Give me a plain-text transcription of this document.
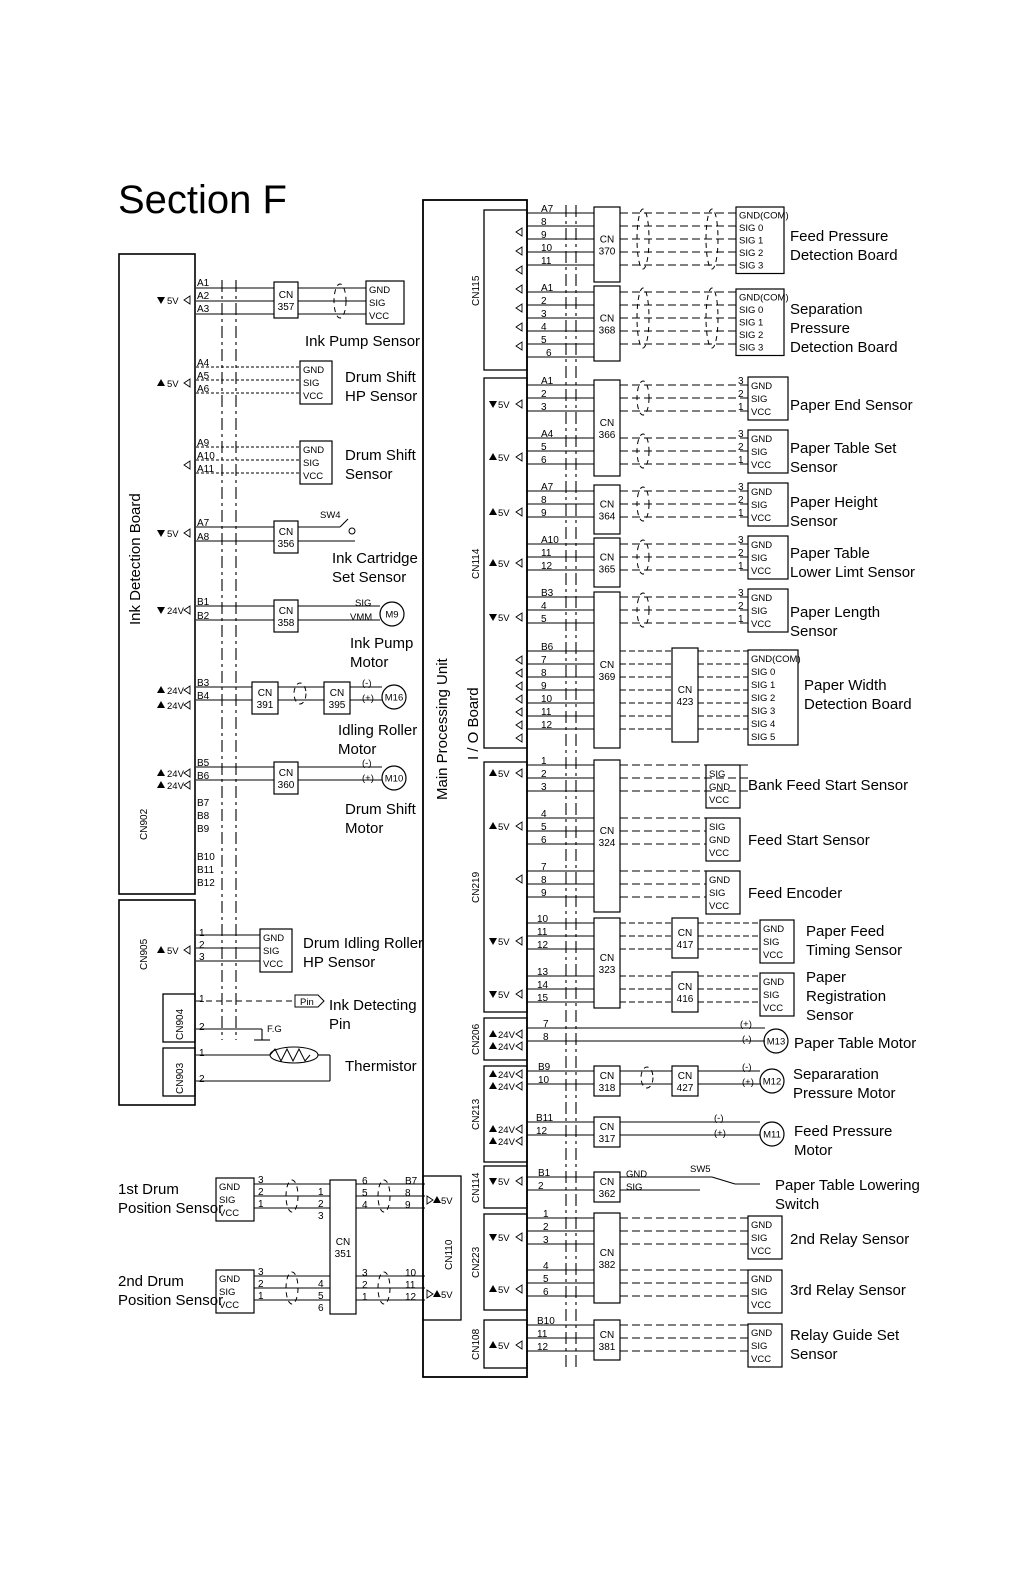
Section F
Ink Detection Board
CN902
CN905
CN904
CN903
5V
5V
5V
24V
24V
24V
24V
24V
5V
A1
A2
A3
A4
A5
A6
A9
A10
A11
A7
A8
B1
B2
B3
B4
B5
B6
B7
B8
B9
B10
B11
B12
1
2
3
1
2
1
2
CN
357
GND
SIG
VCC
Ink Pump Sensor
GND
SIG
VCC
Drum Shift
HP Sensor
GND
SIG
VCC
Drum Shift
Sensor
CN
356
SW4
Ink Cartridge
Set Sensor
CN
358
SIG
VMM M9
Ink Pump
Motor
CN
391
CN
395
(-)
(+) M16
Idling Roller
Motor
CN
360
(-)
(+) M10
Drum Shift
Motor
GND
SIG
VCC
Drum Idling Roller
HP Sensor
Pin Ink Detecting
Pin
F.G
Thermistor
1st Drum
Position Sensor
2nd Drum
Position Sensor
GND
SIG
VCC
GND
SIG
VCC
CN
351
3
1
2
2
1
3
3
4
2
5
1
6
6
5
4
3
2
1
B7
8
9
10
11
12
Main Processing Unit I / O Board
CN110
5V
5V
CN115
CN114
CN219
CN206
CN213
CN114
CN223
CN108
5V
5V
5V
5V
5V
5V
5V
5V
5V
24V
24V
24V
24V
24V
24V
5V
5V
5V
5V
A7
8
9
10
11
CN
370
GND(COM)
SIG 0
SIG 1
SIG 2
SIG 3
Feed Pressure
Detection Board
A1
2
3
4
5
CN
368
6
GND(COM)
SIG 0
SIG 1
SIG 2
SIG 3
Separation
Pressure
Detection Board
A1	3
2	2
3	1
GND
SIG
VCC
CN
366
Paper End Sensor
A4	3
5	2
6	1
GND
SIG
VCC
Paper Table Set
Sensor
A7	3
8	2
9	1
CN
364
GND
SIG
VCC
Paper Height
Sensor
A10	3
11	2
12	1
CN
365
GND
SIG
VCC
Paper Table
Lower Limt Sensor
B3	3
4	2
5	1
GND
SIG
VCC
CN
369
Paper Length
Sensor
B6
7
8
9
10
11
12
CN
423
GND(COM)
SIG 0
SIG 1
SIG 2
SIG 3
SIG 4
SIG 5
Paper Width
Detection Board
1
2
3
CN
324
SIG
GND
VCC
Bank Feed Start Sensor
4
5
6
SIG
GND
VCC
Feed Start Sensor
7
8
9
GND
SIG
VCC
Feed Encoder
10
11
12
CN
323
CN
417
GND
SIG
VCC
Paper Feed
Timing Sensor
13
14
15
CN
416
GND
SIG
VCC
Paper
Registration
Sensor
7
8
(+)
(-) M13 Paper Table Motor
B9
10	CN
318
CN
427
(-)
(+) M12 Separaration
Pressure Motor
B11
12	CN
317
(-)
(+)	M11 Feed Pressure
Motor
B1
2	CN
362
GND
SIG
SW5
Paper Table Lowering
Switch
1
2
3
CN
382
GND
SIG
VCC
2nd Relay Sensor
4
5
6
GND
SIG
VCC
3rd Relay Sensor
B10
11
12
CN
381
GND
SIG
VCC
Relay Guide Set
Sensor
